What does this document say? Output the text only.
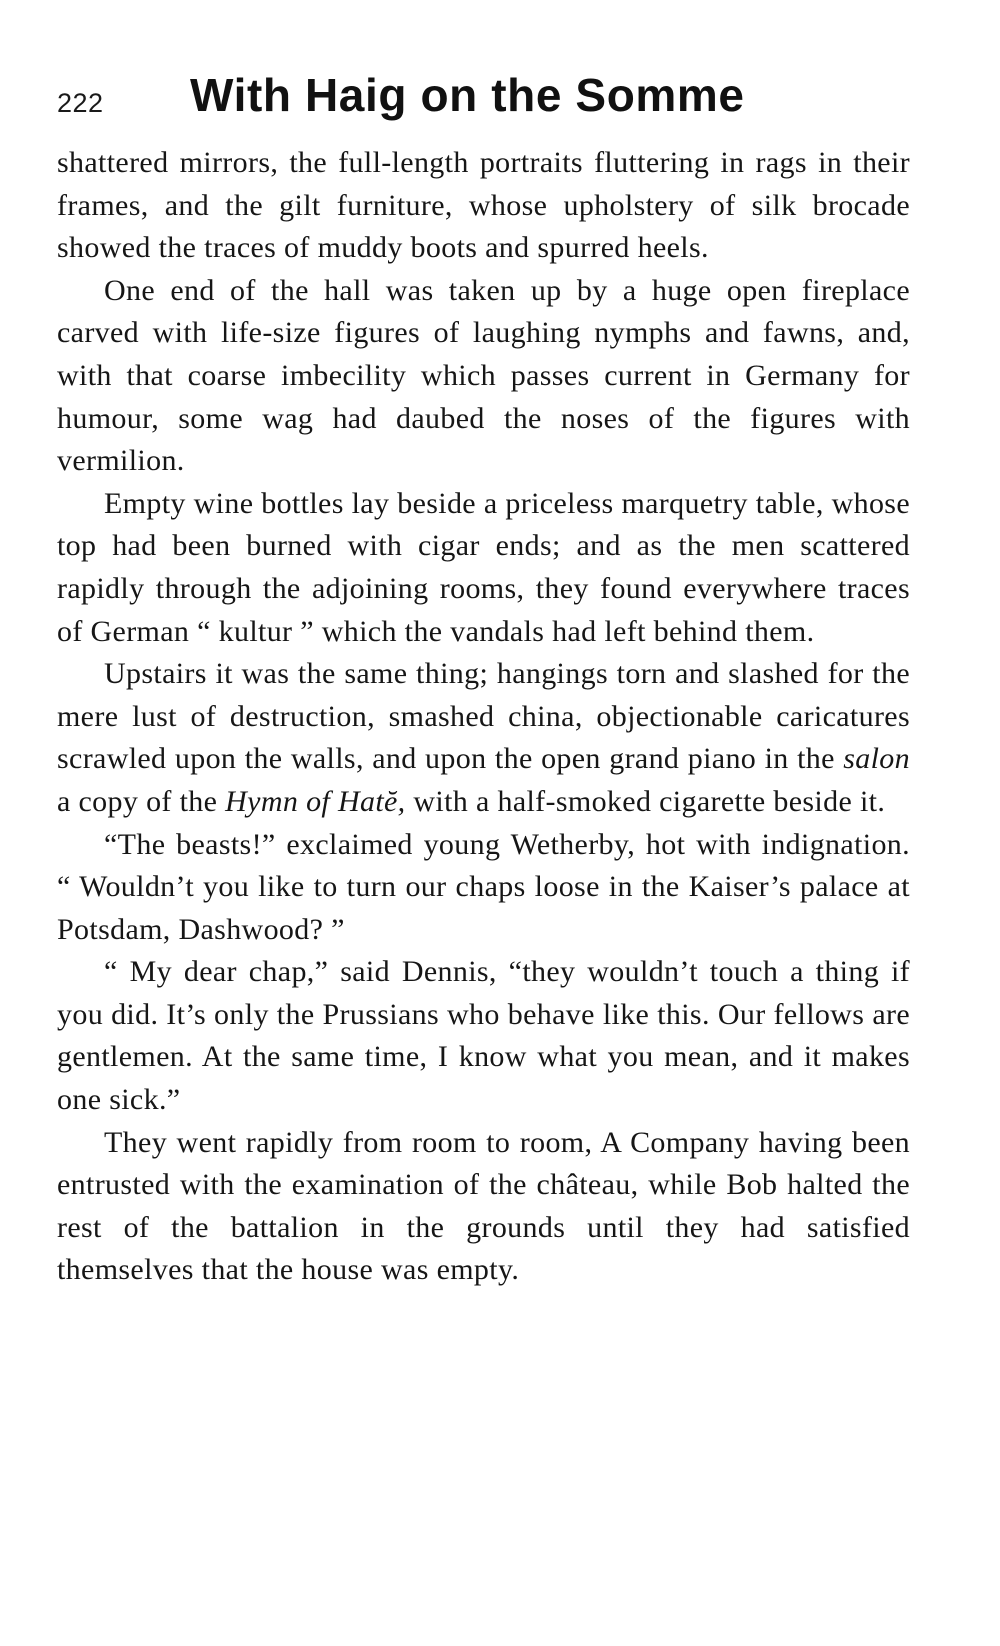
222 With Haig on the Somme

shattered mirrors, the full-length portraits fluttering in rags in their frames, and the gilt furniture, whose upholstery of silk brocade showed the traces of muddy boots and spurred heels.

One end of the hall was taken up by a huge open fireplace carved with life-size figures of laughing nymphs and fawns, and, with that coarse imbecility which passes current in Germany for humour, some wag had daubed the noses of the figures with vermilion.

Empty wine bottles lay beside a priceless marquetry table, whose top had been burned with cigar ends; and as the men scattered rapidly through the adjoining rooms, they found everywhere traces of German “ kultur ” which the vandals had left behind them.

Upstairs it was the same thing; hangings torn and slashed for the mere lust of destruction, smashed china, objectionable caricatures scrawled upon the walls, and upon the open grand piano in the salon a copy of the Hymn of Hatĕ, with a half-smoked cigarette beside it.

“The beasts!” exclaimed young Wetherby, hot with indignation. “ Wouldn’t you like to turn our chaps loose in the Kaiser’s palace at Potsdam, Dashwood? ”

“ My dear chap,” said Dennis, “they wouldn’t touch a thing if you did. It’s only the Prussians who behave like this. Our fellows are gentlemen. At the same time, I know what you mean, and it makes one sick.”

They went rapidly from room to room, A Company having been entrusted with the examination of the château, while Bob halted the rest of the battalion in the grounds until they had satisfied themselves that the house was empty.
